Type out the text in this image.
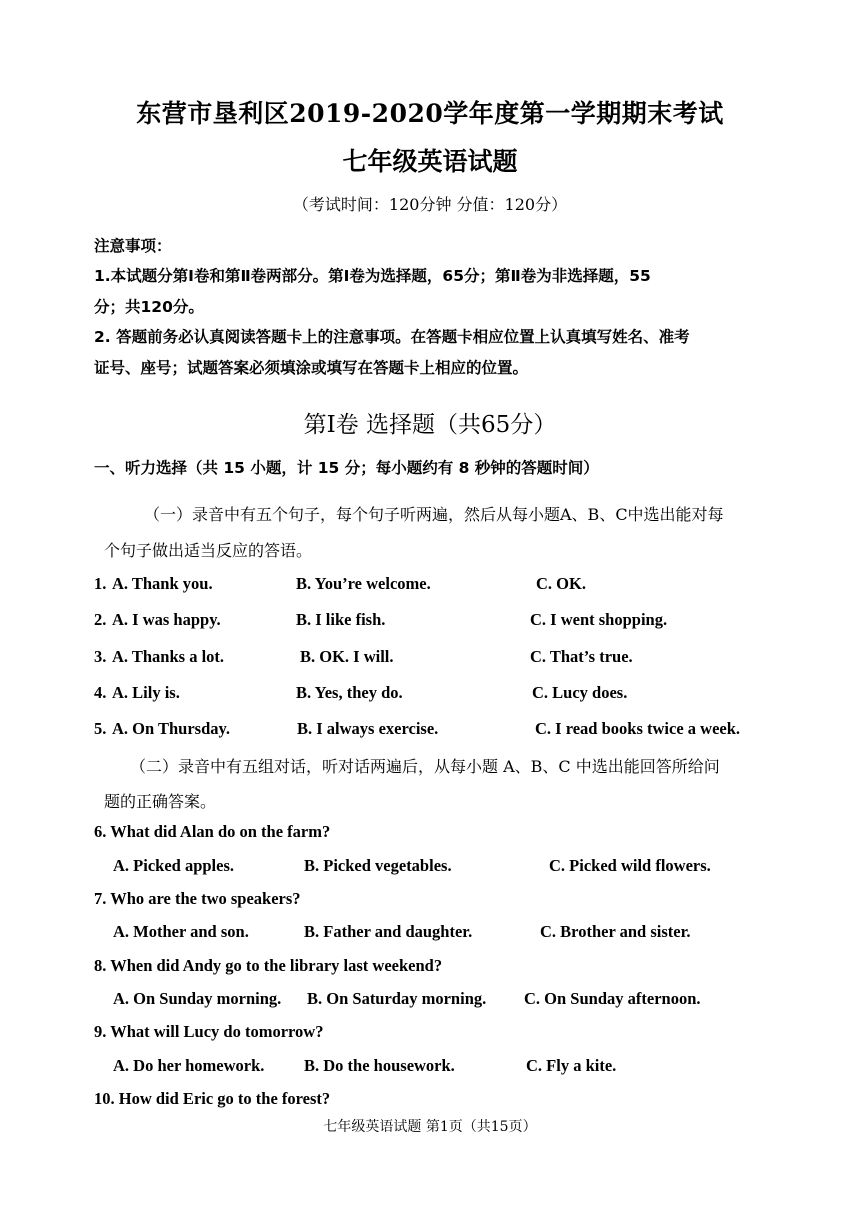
东营市垦利区2019-2020学年度第一学期期末考试
七年级英语试题
（考试时间：120分钟 分值：120分）
注意事项：
1.本试题分第Ⅰ卷和第Ⅱ卷两部分。第Ⅰ卷为选择题，65分；第Ⅱ卷为非选择题，55
分；共120分。
2. 答题前务必认真阅读答题卡上的注意事项。在答题卡相应位置上认真填写姓名、准考
证号、座号；试题答案必须填涂或填写在答题卡上相应的位置。
第Ⅰ卷 选择题（共65分）
一、听力选择（共 15 小题，计 15 分；每小题约有 8 秒钟的答题时间）
（一）录音中有五个句子，每个句子听两遍，然后从每小题A、B、C中选出能对每
个句子做出适当反应的答语。
1. A. Thank you.	B. You’re welcome.	C. OK.
2. A. I was happy.	B. I like fish.	C. I went shopping.
3. A. Thanks a lot.	B. OK. I will.	C. That’s true.
4. A. Lily is.	B. Yes, they do.	C. Lucy does.
5. A. On Thursday.	B. I always exercise.	C. I read books twice a week.
（二）录音中有五组对话，听对话两遍后，从每小题 A、B、C 中选出能回答所给问
题的正确答案。
6. What did Alan do on the farm?
A. Picked apples.	B. Picked vegetables.	C. Picked wild flowers.
7. Who are the two speakers?
A. Mother and son.	B. Father and daughter.	C. Brother and sister.
8. When did Andy go to the library last weekend?
A. On Sunday morning. B. On Saturday morning. C. On Sunday afternoon.
9. What will Lucy do tomorrow?
A. Do her homework. B. Do the housework.	C. Fly a kite.
10. How did Eric go to the forest?
七年级英语试题 第1页（共15页）
